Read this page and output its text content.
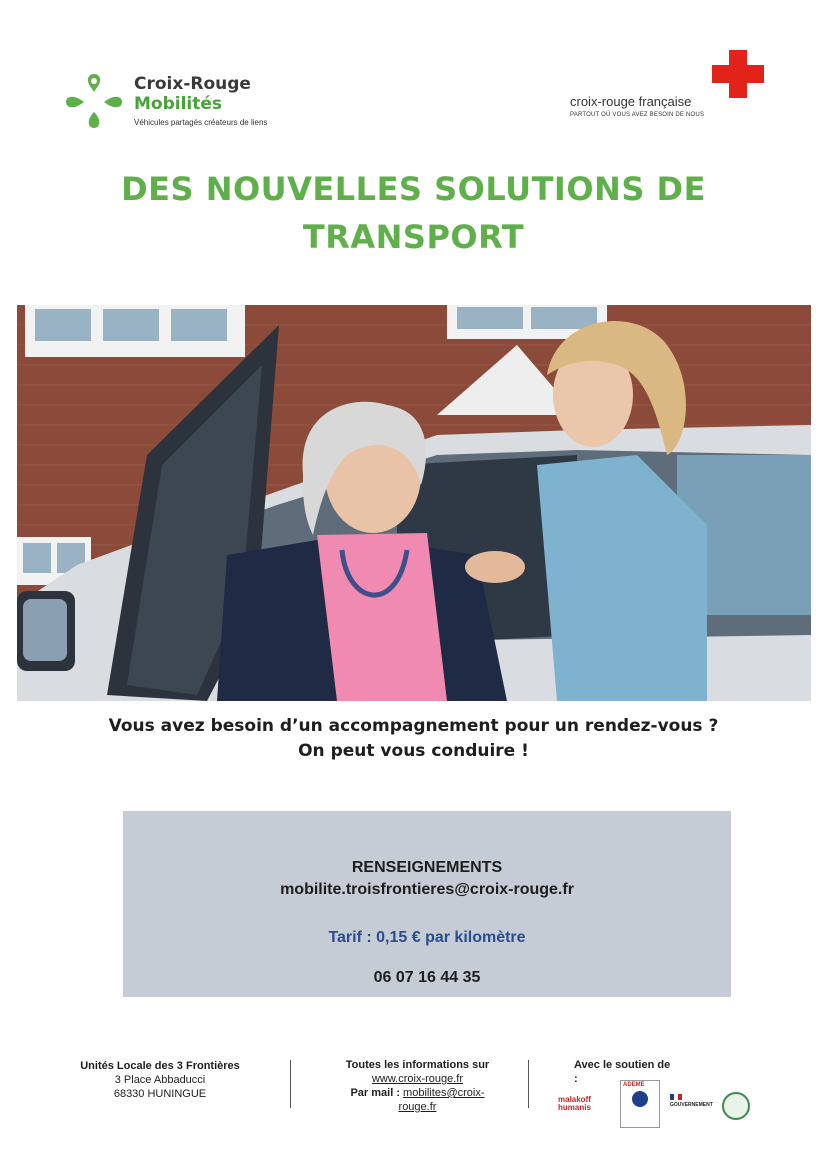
Croix-Rouge
Mobilités
Véhicules partagés créateurs de liens
croix-rouge française
PARTOUT OÙ VOUS AVEZ BESOIN DE NOUS
DES NOUVELLES SOLUTIONS DE
TRANSPORT
Vous avez besoin d’un accompagnement pour un rendez-vous ?
On peut vous conduire !
RENSEIGNEMENTS
mobilite.troisfrontieres@croix-rouge.fr
Tarif : 0,15 € par kilomètre
06 07 16 44 35
Unités Locale des 3 Frontières
3 Place Abbaducci
68330 HUNINGUE
Toutes les informations sur
www.croix-rouge.fr
Par mail : mobilites@croix-
rouge.fr
Avec le soutien de
:
malakoff humanis
ADEME
GOUVERNEMENT
